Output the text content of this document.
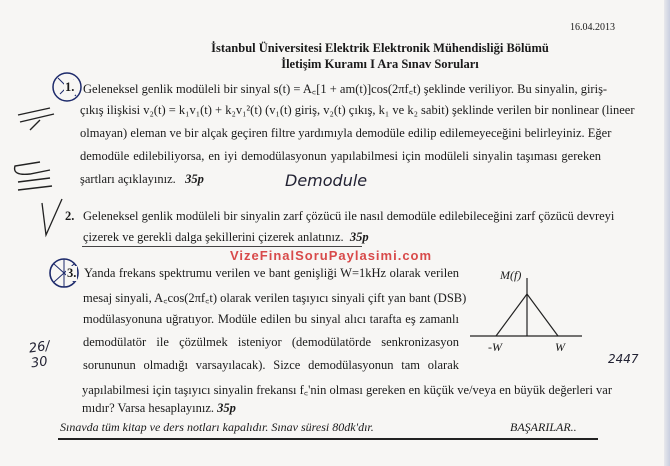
16.04.2013
İstanbul Üniversitesi Elektrik Elektronik Mühendisliği Bölümü
İletişim Kuramı I Ara Sınav Soruları
1. Geleneksel genlik modüleli bir sinyal s(t) = A꜀[1 + am(t)]cos(2πf꜀t) şeklinde veriliyor. Bu sinyalin, giriş-
çıkış ilişkisi v₂(t) = k₁v₁(t) + k₂v₁²(t) (v₁(t) giriş, v₂(t) çıkış, k₁ ve k₂ sabit) şeklinde verilen bir nonlinear (lineer
olmayan) eleman ve bir alçak geçiren filtre yardımıyla demodüle edilip edilemeyeceğini belirleyiniz. Eğer
demodüle edilebiliyorsa, en iyi demodülasyonun yapılabilmesi için modüleli sinyalin taşıması gereken
şartları açıklayınız. 35p	Demodule
2. Geleneksel genlik modüleli bir sinyalin zarf çözücü ile nasıl demodüle edilebileceğini zarf çözücü devreyi
çizerek ve gerekli dalga şekillerini çizerek anlatınız. 35p
VizeFinalSoruPaylasimi.com
3. Yanda frekans spektrumu verilen ve bant genişliği W=1kHz olarak verilen
mesaj sinyali, A꜀cos(2πf꜀t) olarak verilen taşıyıcı sinyali çift yan bant (DSB)
modülasyonuna uğratıyor. Modüle edilen bu sinyal alıcı tarafta eş zamanlı
demodülatör ile çözülmek isteniyor (demodülatörde senkronizasyon
sorununun olmadığı varsayılacak). Sizce demodülasyonun tam olarak
yapılabilmesi için taşıyıcı sinyalin frekansı f꜀'nin olması gereken en küçük ve/veya en büyük değerleri var
mıdır? Varsa hesaplayınız. 35p
M(f)
-W	W
26/30	2447
Sınavda tüm kitap ve ders notları kapalıdır. Sınav süresi 80dk'dır.	BAŞARILAR..
